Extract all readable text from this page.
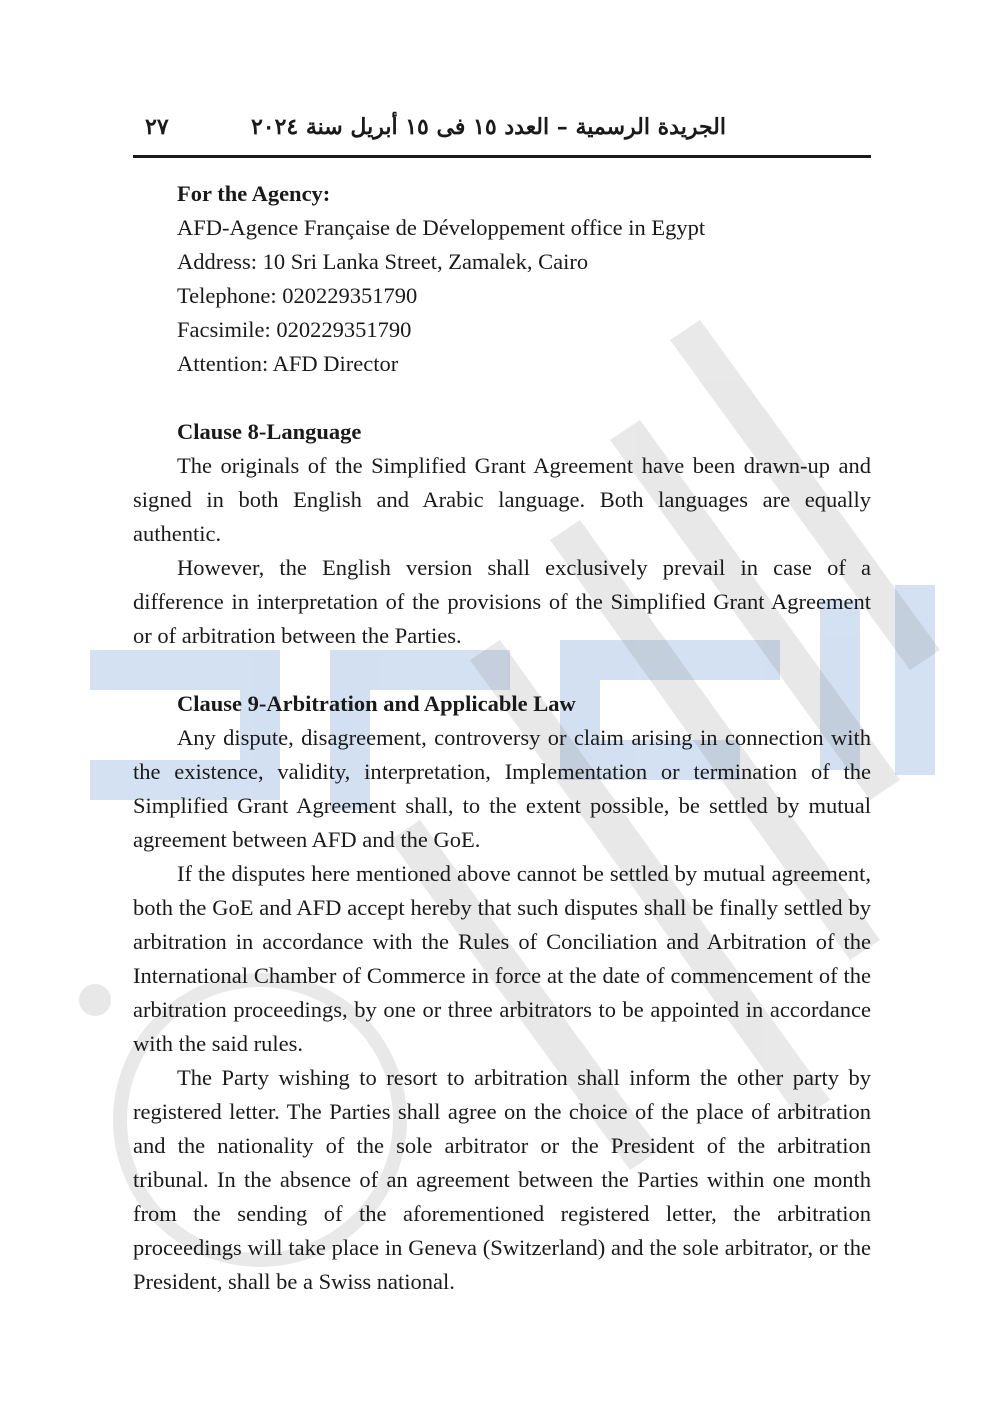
٢٧	الجريدة الرسمية – العدد ١٥ فى ١٥ أبريل سنة ٢٠٢٤

For the Agency:

AFD-Agence Française de Développement office in Egypt

Address: 10 Sri Lanka Street, Zamalek, Cairo

Telephone: 020229351790

Facsimile: 020229351790

Attention: AFD Director

Clause 8-Language

The originals of the Simplified Grant Agreement have been drawn-up and signed in both English and Arabic language. Both languages are equally authentic.

However, the English version shall exclusively prevail in case of a difference in interpretation of the provisions of the Simplified Grant Agreement or of arbitration between the Parties.

Clause 9-Arbitration and Applicable Law

Any dispute, disagreement, controversy or claim arising in connection with the existence, validity, interpretation, Implementation or termination of the Simplified Grant Agreement shall, to the extent possible, be settled by mutual agreement between AFD and the GoE.

If the disputes here mentioned above cannot be settled by mutual agreement, both the GoE and AFD accept hereby that such disputes shall be finally settled by arbitration in accordance with the Rules of Conciliation and Arbitration of the International Chamber of Commerce in force at the date of commencement of the arbitration proceedings, by one or three arbitrators to be appointed in accordance with the said rules.

The Party wishing to resort to arbitration shall inform the other party by registered letter. The Parties shall agree on the choice of the place of arbitration and the nationality of the sole arbitrator or the President of the arbitration tribunal. In the absence of an agreement between the Parties within one month from the sending of the aforementioned registered letter, the arbitration proceedings will take place in Geneva (Switzerland) and the sole arbitrator, or the President, shall be a Swiss national.
